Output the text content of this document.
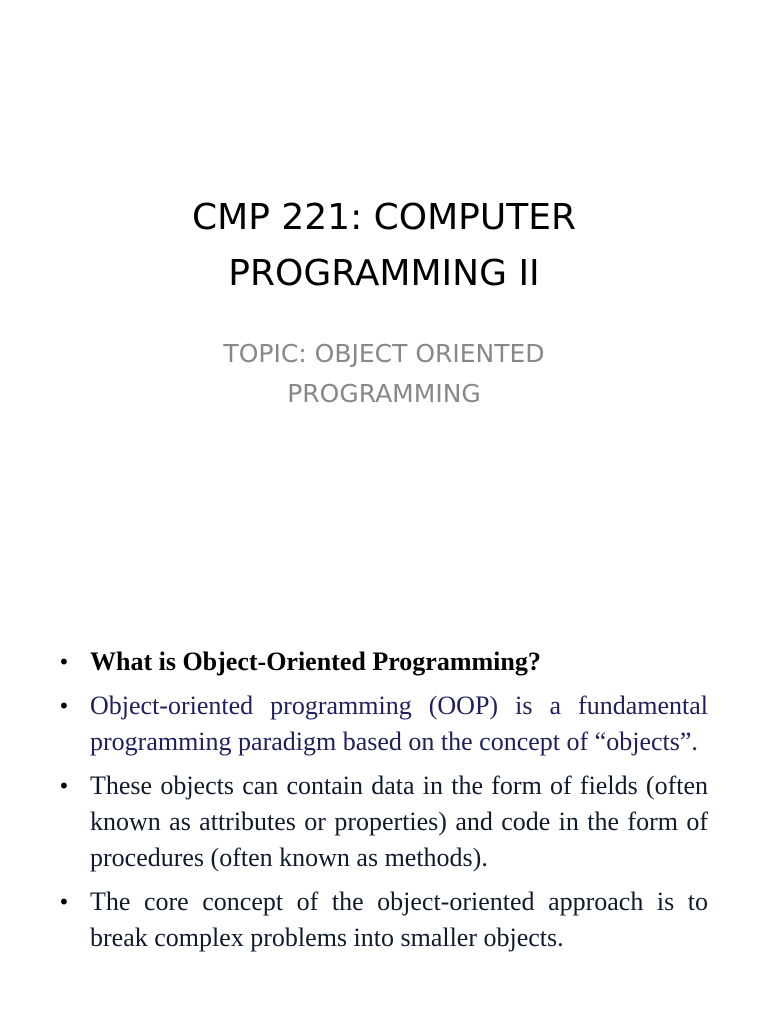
CMP 221: COMPUTER
PROGRAMMING II
TOPIC: OBJECT ORIENTED
PROGRAMMING
• What is Object-Oriented Programming?
• Object-oriented programming (OOP) is a fundamental programming paradigm based on the concept of “objects”.
• These objects can contain data in the form of fields (often known as attributes or properties) and code in the form of procedures (often known as methods).
• The core concept of the object-oriented approach is to break complex problems into smaller objects.
